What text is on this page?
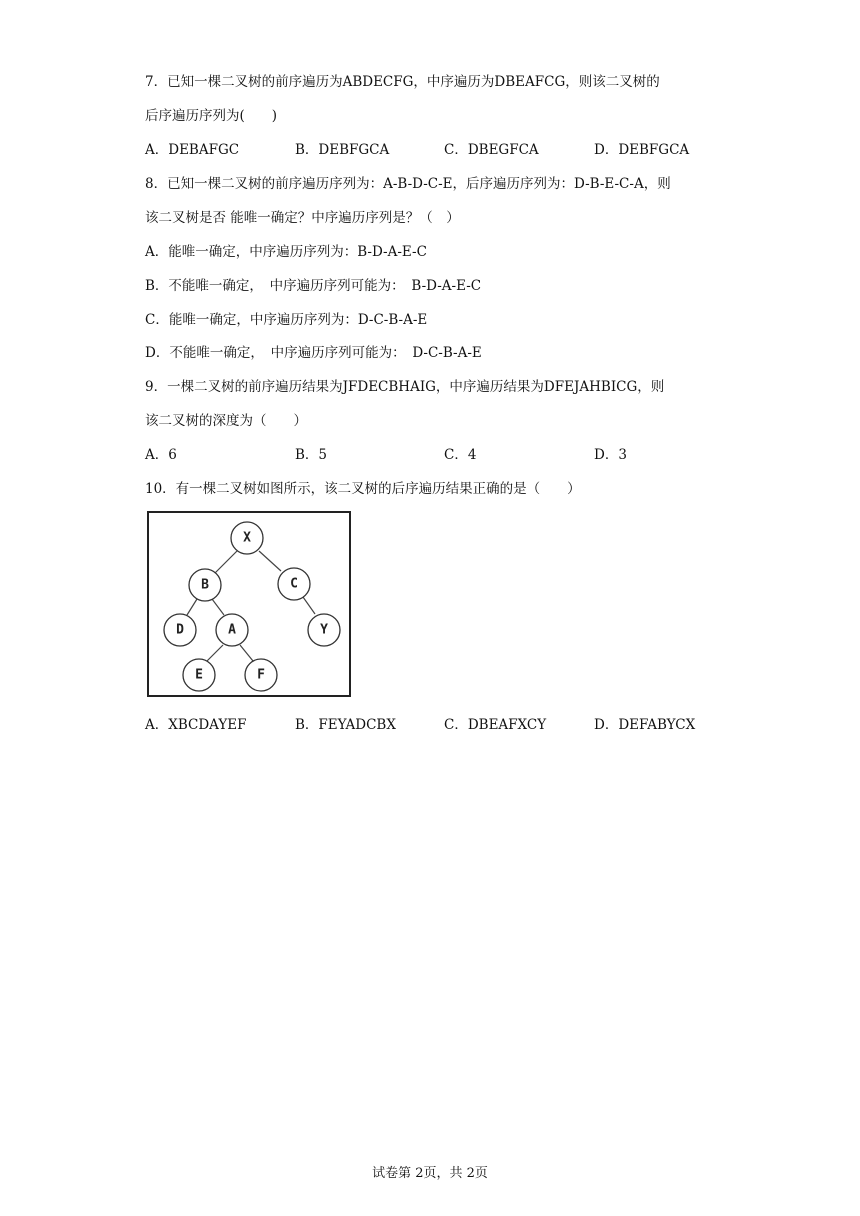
7．已知一棵二叉树的前序遍历为ABDECFG，中序遍历为DBEAFCG，则该二叉树的
后序遍历序列为(　　)
A．DEBAFGC	B．DEBFGCA	C．DBEGFCA	D．DEBFGCA
8．已知一棵二叉树的前序遍历序列为：A-B-D-C-E，后序遍历序列为：D-B-E-C-A，则
该二叉树是否 能唯一确定？中序遍历序列是？（　）
A．能唯一确定，中序遍历序列为：B-D-A-E-C
B．不能唯一确定，　中序遍历序列可能为：　B-D-A-E-C
C．能唯一确定，中序遍历序列为：D-C-B-A-E
D．不能唯一确定，　中序遍历序列可能为：　D-C-B-A-E
9．一棵二叉树的前序遍历结果为JFDECBHAIG，中序遍历结果为DFEJAHBICG，则
该二叉树的深度为（　　）
A．6	B．5	C．4	D．3
10．有一棵二叉树如图所示，该二叉树的后序遍历结果正确的是（　　）
X
B	C
D	A	Y
E	F
A．XBCDAYEF	B．FEYADCBX	C．DBEAFXCY	D．DEFABYCX
试卷第 2页，共 2页
